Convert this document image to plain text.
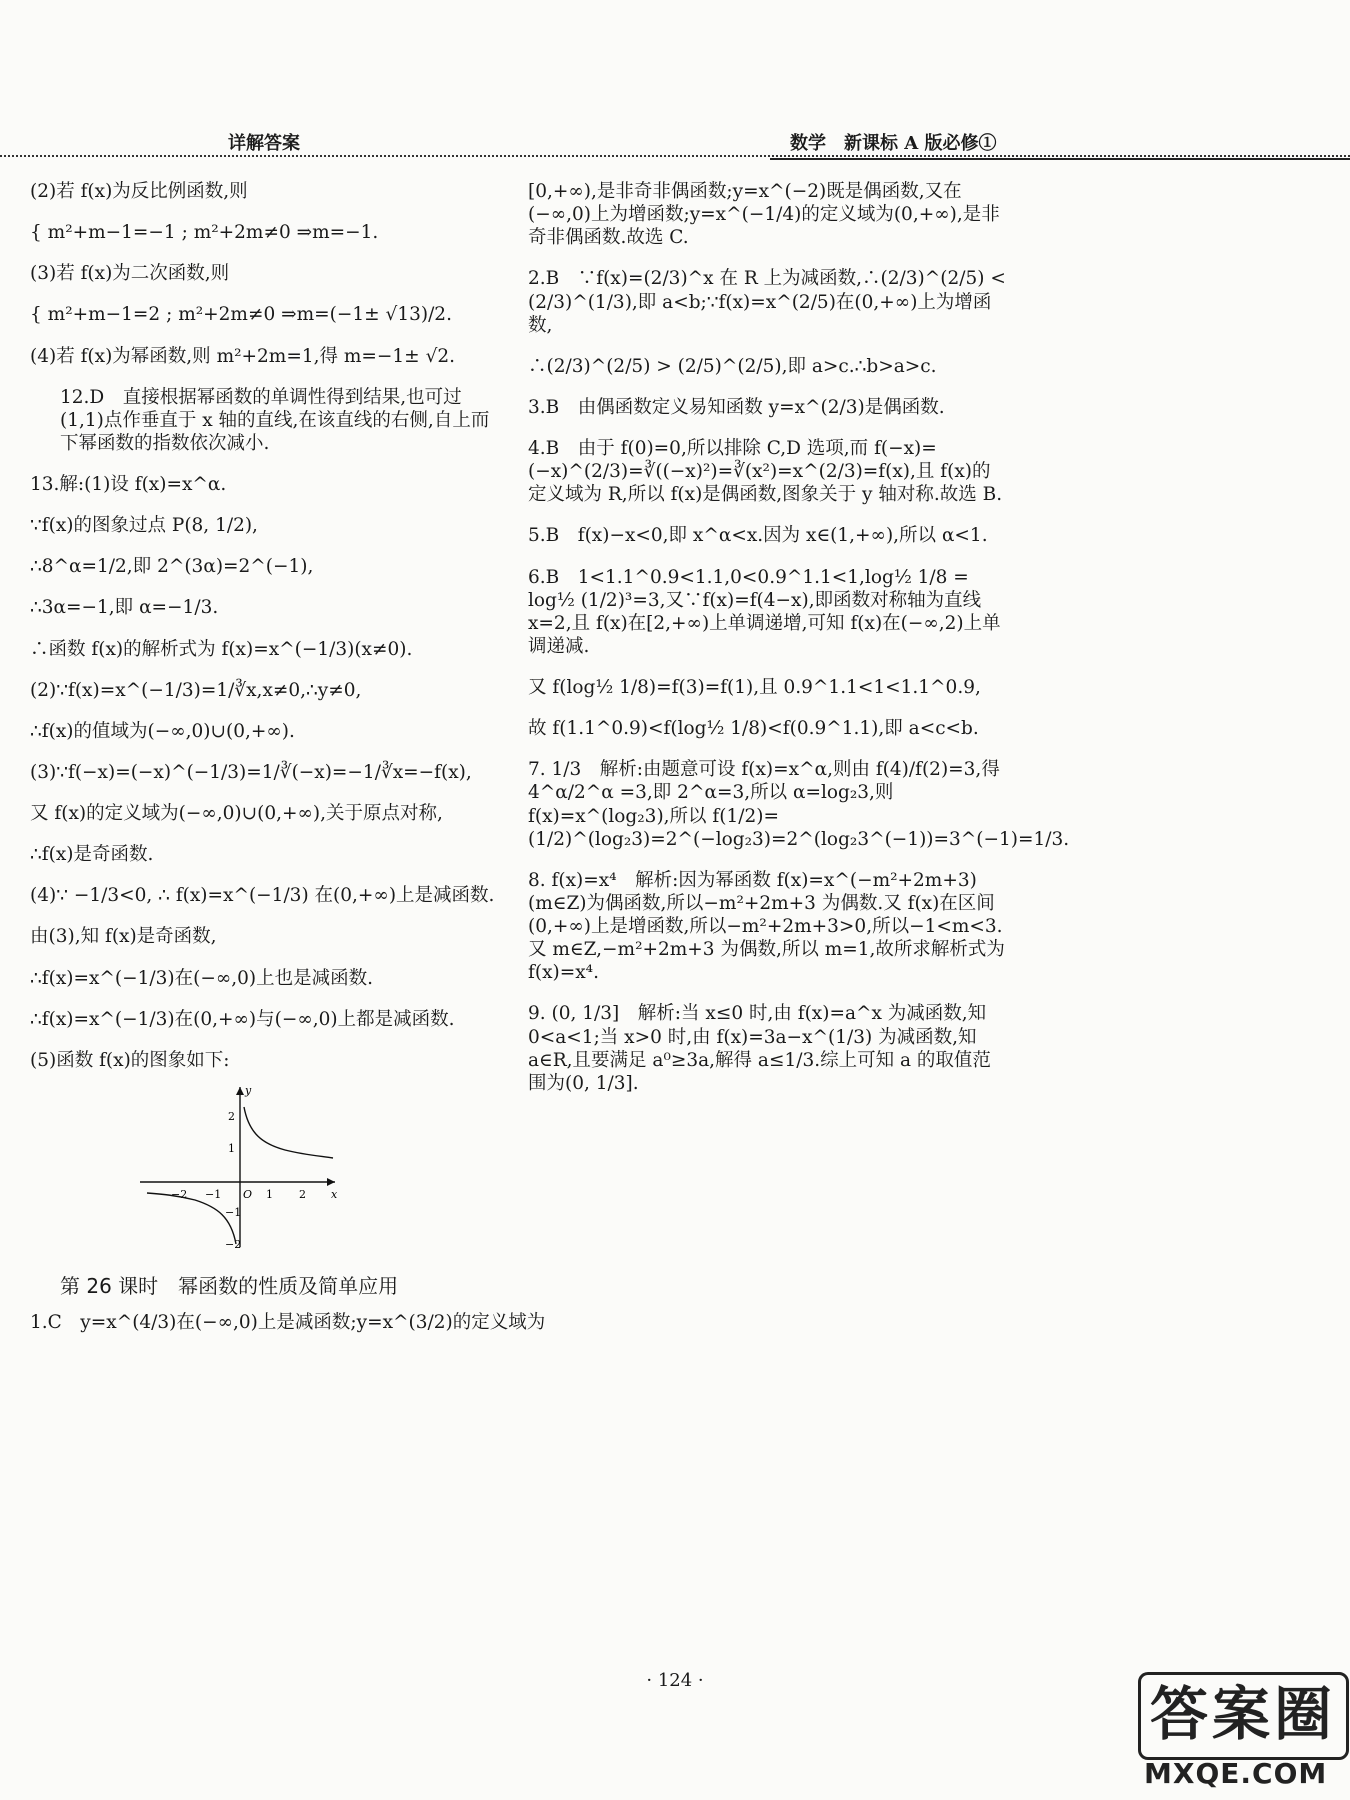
详解答案	数学　新课标 A 版必修①
(2)若 f(x)为反比例函数,则
{ m²+m−1=−1 ; m²+2m≠0 ⇒m=−1.
(3)若 f(x)为二次函数,则
{ m²+m−1=2 ; m²+2m≠0 ⇒m=(−1± √13)/2.
(4)若 f(x)为幂函数,则 m²+2m=1,得 m=−1± √2.
12.D　直接根据幂函数的单调性得到结果,也可过(1,1)点作垂直于 x 轴的直线,在该直线的右侧,自上而下幂函数的指数依次减小.
13.解:(1)设 f(x)=x^α.
∵f(x)的图象过点 P(8, 1/2),
∴8^α=1/2,即 2^(3α)=2^(−1),
∴3α=−1,即 α=−1/3.
∴函数 f(x)的解析式为 f(x)=x^(−1/3)(x≠0).
(2)∵f(x)=x^(−1/3)=1/∛x,x≠0,∴y≠0,
∴f(x)的值域为(−∞,0)∪(0,+∞).
(3)∵f(−x)=(−x)^(−1/3)=1/∛(−x)=−1/∛x=−f(x),
又 f(x)的定义域为(−∞,0)∪(0,+∞),关于原点对称,
∴f(x)是奇函数.
(4)∵ −1/3<0, ∴ f(x)=x^(−1/3) 在(0,+∞)上是减函数.
由(3),知 f(x)是奇函数,
∴f(x)=x^(−1/3)在(−∞,0)上也是减函数.
∴f(x)=x^(−1/3)在(0,+∞)与(−∞,0)上都是减函数.
(5)函数 f(x)的图象如下:
y
x
−2 −1 O 1 2
2
1
−1
−2
第 26 课时　幂函数的性质及简单应用
1.C　y=x^(4/3)在(−∞,0)上是减函数;y=x^(3/2)的定义域为
[0,+∞),是非奇非偶函数;y=x^(−2)既是偶函数,又在(−∞,0)上为增函数;y=x^(−1/4)的定义域为(0,+∞),是非奇非偶函数.故选 C.
2.B　∵f(x)=(2/3)^x 在 R 上为减函数,∴(2/3)^(2/5) < (2/3)^(1/3),即 a<b;∵f(x)=x^(2/5)在(0,+∞)上为增函数,
∴(2/3)^(2/5) > (2/5)^(2/5),即 a>c.∴b>a>c.
3.B　由偶函数定义易知函数 y=x^(2/3)是偶函数.
4.B　由于 f(0)=0,所以排除 C,D 选项,而 f(−x)=(−x)^(2/3)=∛((−x)²)=∛(x²)=x^(2/3)=f(x),且 f(x)的定义域为 R,所以 f(x)是偶函数,图象关于 y 轴对称.故选 B.
5.B　f(x)−x<0,即 x^α<x.因为 x∈(1,+∞),所以 α<1.
6.B　1<1.1^0.9<1.1,0<0.9^1.1<1,log½ 1/8 = log½ (1/2)³=3,又∵f(x)=f(4−x),即函数对称轴为直线 x=2,且 f(x)在[2,+∞)上单调递增,可知 f(x)在(−∞,2)上单调递减.
又 f(log½ 1/8)=f(3)=f(1),且 0.9^1.1<1<1.1^0.9,
故 f(1.1^0.9)<f(log½ 1/8)<f(0.9^1.1),即 a<c<b.
7. 1/3　解析:由题意可设 f(x)=x^α,则由 f(4)/f(2)=3,得 4^α/2^α =3,即 2^α=3,所以 α=log₂3,则 f(x)=x^(log₂3),所以 f(1/2)=(1/2)^(log₂3)=2^(−log₂3)=2^(log₂3^(−1))=3^(−1)=1/3.
8. f(x)=x⁴　解析:因为幂函数 f(x)=x^(−m²+2m+3)(m∈Z)为偶函数,所以−m²+2m+3 为偶数.又 f(x)在区间(0,+∞)上是增函数,所以−m²+2m+3>0,所以−1<m<3.又 m∈Z,−m²+2m+3 为偶数,所以 m=1,故所求解析式为 f(x)=x⁴.
9. (0, 1/3]　解析:当 x≤0 时,由 f(x)=a^x 为减函数,知 0<a<1;当 x>0 时,由 f(x)=3a−x^(1/3) 为减函数,知 a∈R,且要满足 a⁰≥3a,解得 a≤1/3.综上可知 a 的取值范围为(0, 1/3].
· 124 ·	答案圈
MXQE.COM
